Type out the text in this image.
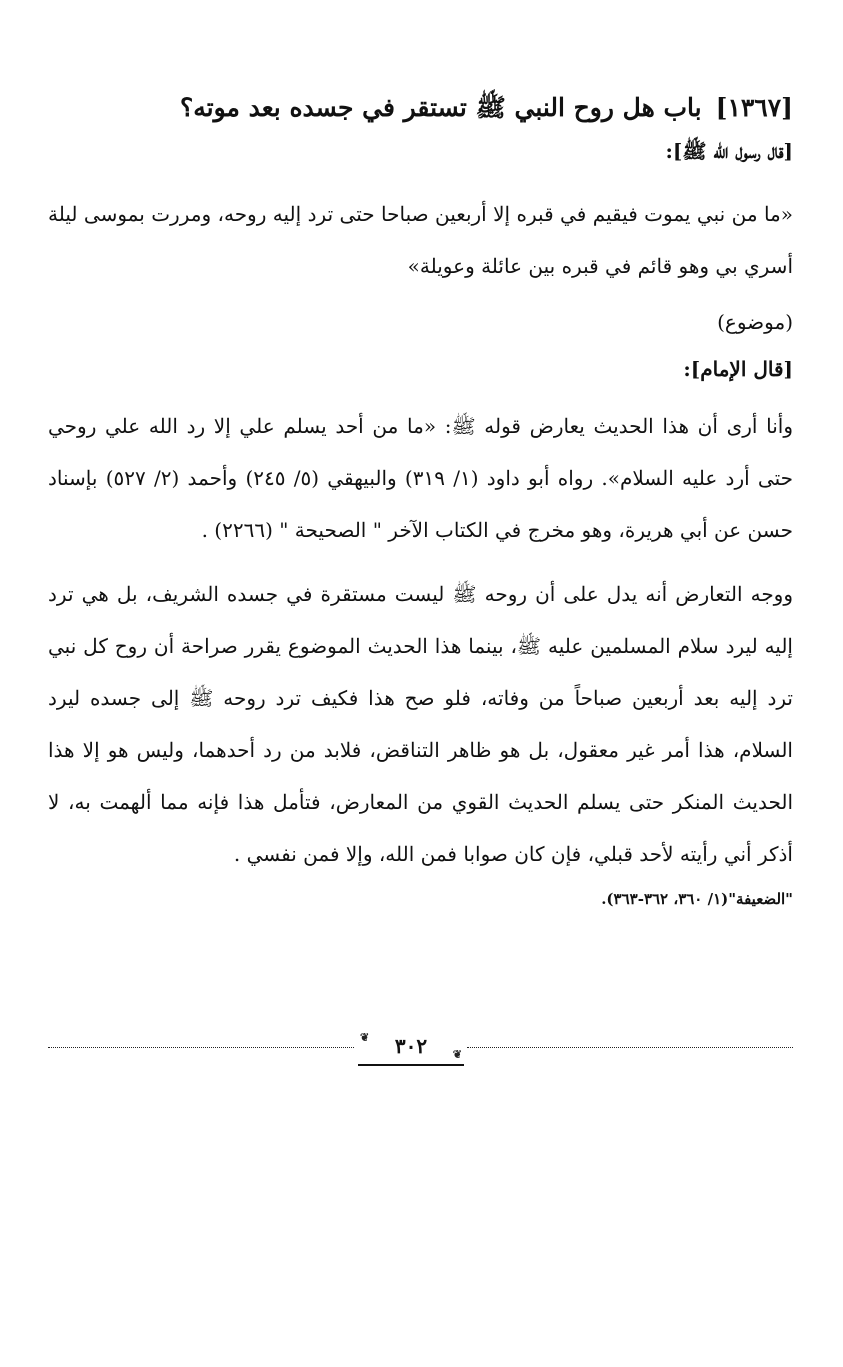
[١٣٦٧]باب هل روح النبي ﷺ تستقر في جسده بعد موته؟
[قال رسول الله ﷺ]:

«ما من نبي يموت فيقيم في قبره إلا أربعين صباحا حتى ترد إليه روحه، ومررت بموسى ليلة أسري بي وهو قائم في قبره بين عائلة وعويلة»

(موضوع)
[قال الإمام]:

وأنا أرى أن هذا الحديث يعارض قوله ﷺ: «ما من أحد يسلم علي إلا رد الله علي روحي حتى أرد عليه السلام». رواه أبو داود (١/ ٣١٩) والبيهقي (٥/ ٢٤٥) وأحمد (٢/ ٥٢٧) بإسناد حسن عن أبي هريرة، وهو مخرج في الكتاب الآخر " الصحيحة " (٢٢٦٦) .

ووجه التعارض أنه يدل على أن روحه ﷺ ليست مستقرة في جسده الشريف، بل هي ترد إليه ليرد سلام المسلمين عليه ﷺ، بينما هذا الحديث الموضوع يقرر صراحة أن روح كل نبي ترد إليه بعد أربعين صباحاً من وفاته، فلو صح هذا فكيف ترد روحه ﷺ إلى جسده ليرد السلام، هذا أمر غير معقول، بل هو ظاهر التناقض، فلابد من رد أحدهما، وليس هو إلا هذا الحديث المنكر حتى يسلم الحديث القوي من المعارض، فتأمل هذا فإنه مما ألهمت به، لا أذكر أني رأيته لأحد قبلي، فإن كان صوابا فمن الله، وإلا فمن نفسي .

"الضعيفة"(١/ ٣٦٠، ٣٦٢-٣٦٣).
❦ ٣٠٢ ❦
